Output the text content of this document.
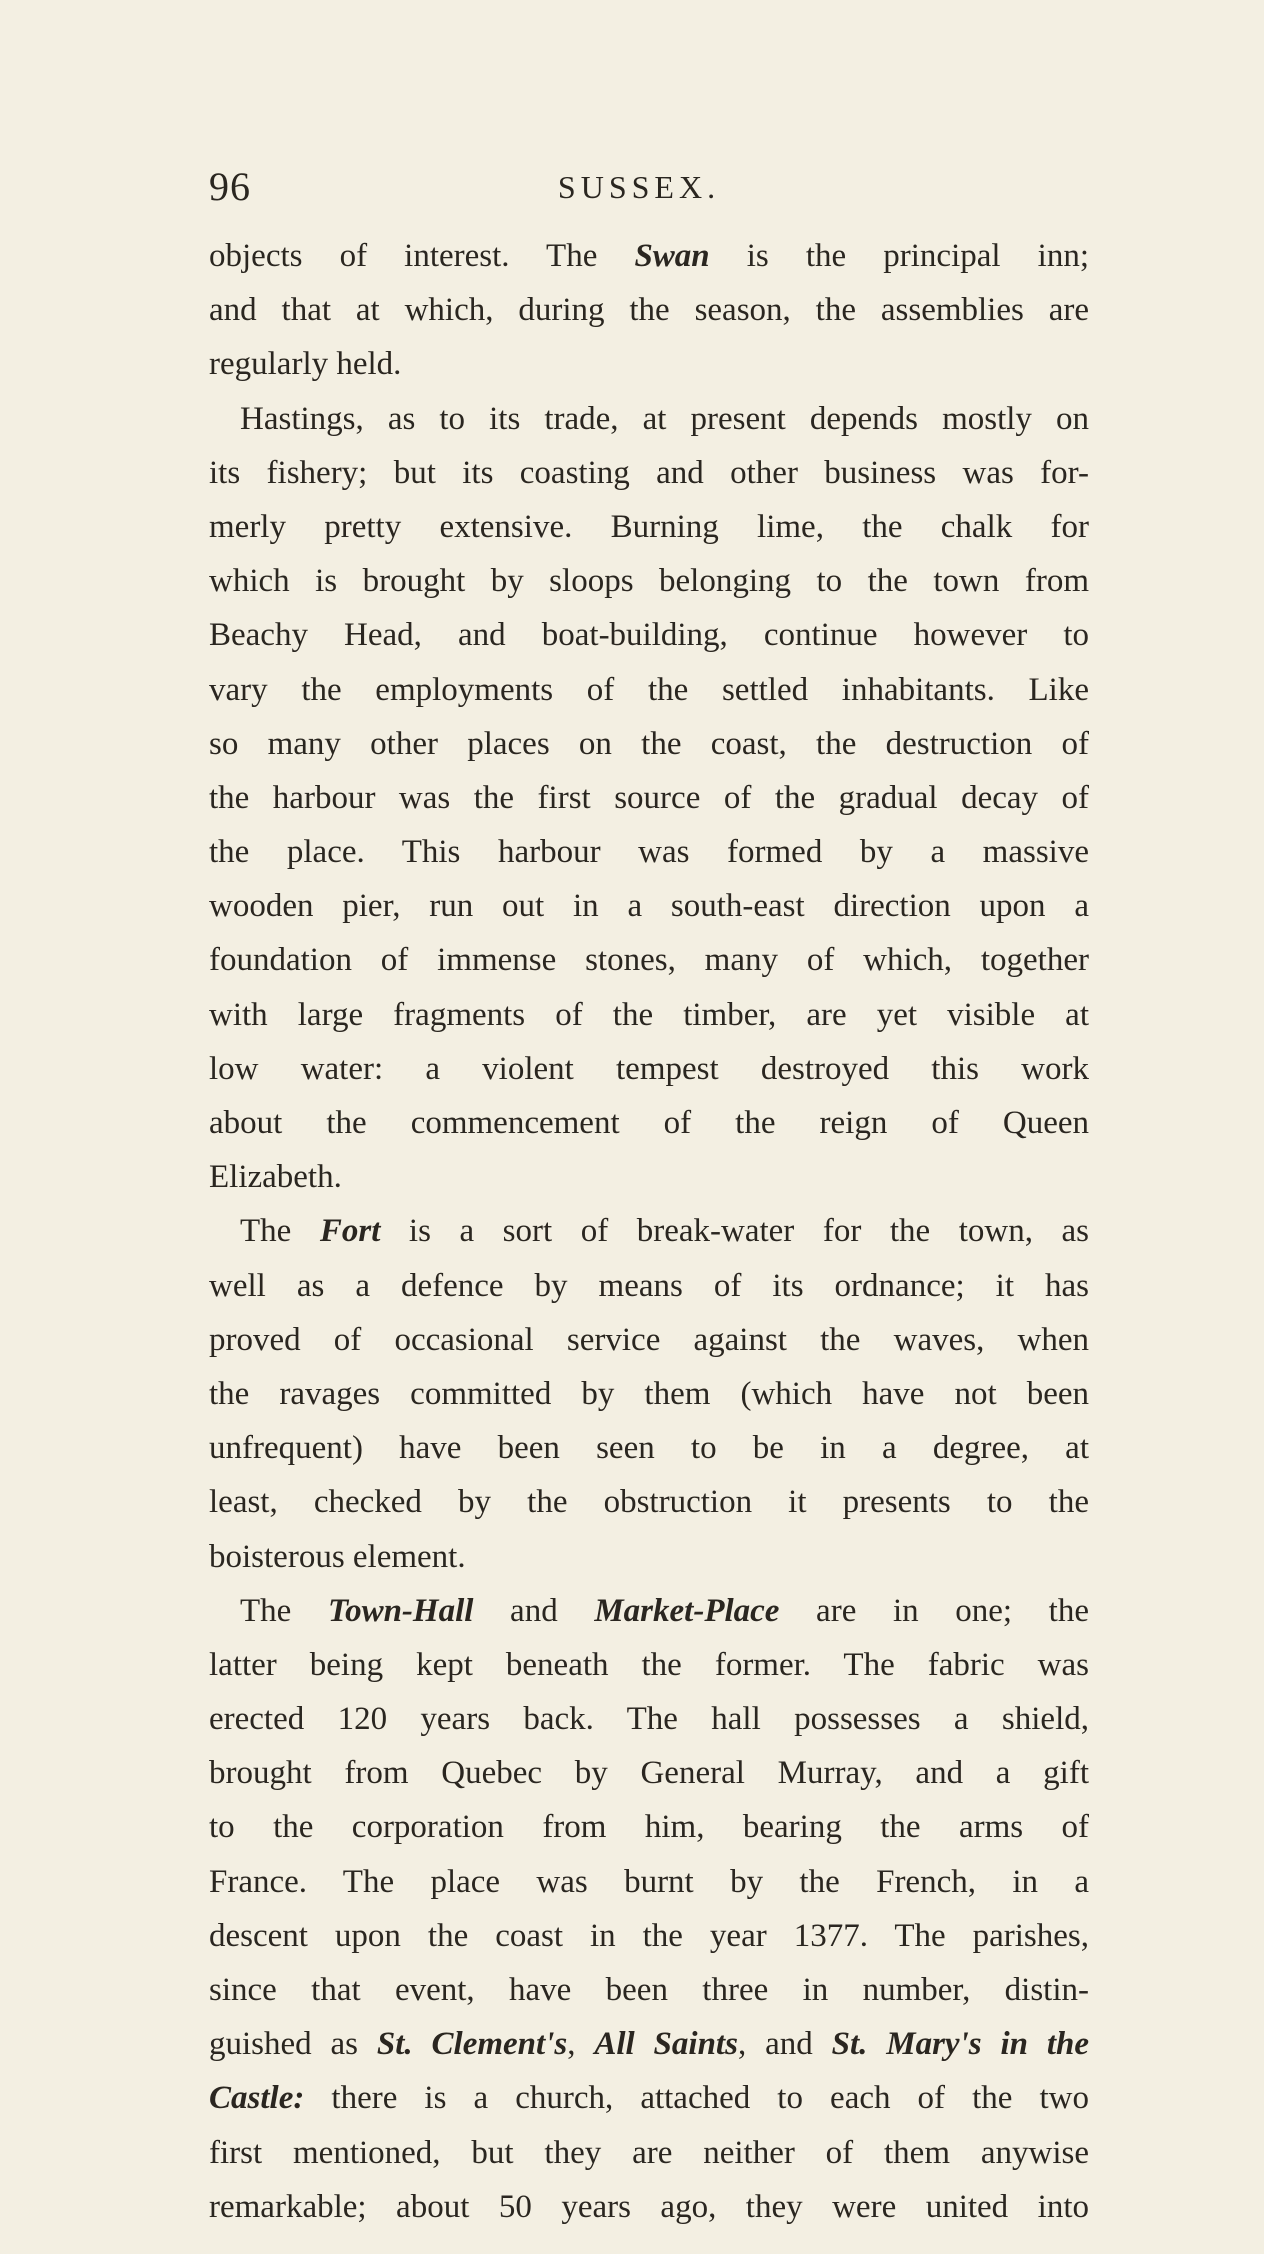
96	SUSSEX.
objects of interest. The Swan is the principal inn;
and that at which, during the season, the assemblies are
regularly held.
Hastings, as to its trade, at present depends mostly on
its fishery; but its coasting and other business was for-
merly pretty extensive. Burning lime, the chalk for
which is brought by sloops belonging to the town from
Beachy Head, and boat-building, continue however to
vary the employments of the settled inhabitants. Like
so many other places on the coast, the destruction of
the harbour was the first source of the gradual decay of
the place. This harbour was formed by a massive
wooden pier, run out in a south-east direction upon a
foundation of immense stones, many of which, together
with large fragments of the timber, are yet visible at
low water: a violent tempest destroyed this work
about the commencement of the reign of Queen
Elizabeth.
The Fort is a sort of break-water for the town, as
well as a defence by means of its ordnance; it has
proved of occasional service against the waves, when
the ravages committed by them (which have not been
unfrequent) have been seen to be in a degree, at
least, checked by the obstruction it presents to the
boisterous element.
The Town-Hall and Market-Place are in one; the
latter being kept beneath the former. The fabric was
erected 120 years back. The hall possesses a shield,
brought from Quebec by General Murray, and a gift
to the corporation from him, bearing the arms of
France. The place was burnt by the French, in a
descent upon the coast in the year 1377. The parishes,
since that event, have been three in number, distin-
guished as St. Clement's, All Saints, and St. Mary's in the
Castle: there is a church, attached to each of the two
first mentioned, but they are neither of them anywise
remarkable; about 50 years ago, they were united into
